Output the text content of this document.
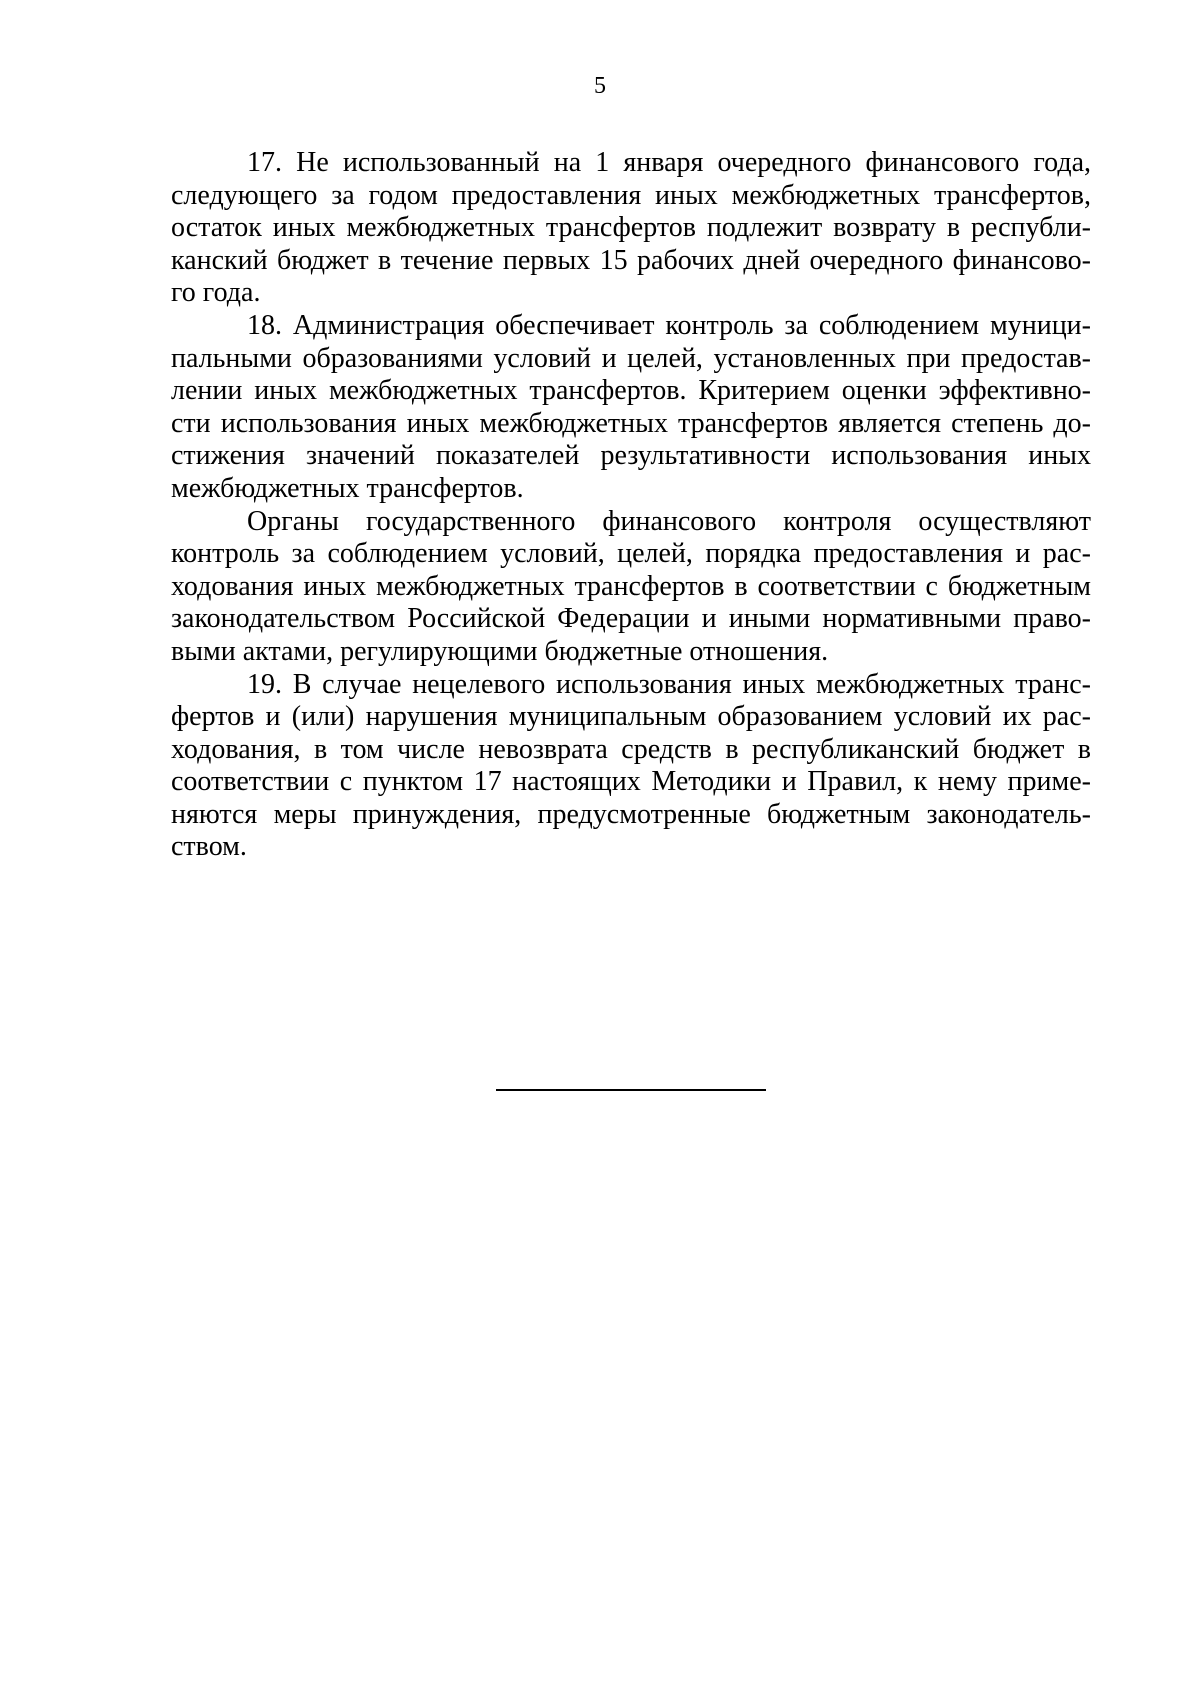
5

17. Не использованный на 1 января очередного финансового года,
следующего за годом предоставления иных межбюджетных трансфертов,
остаток иных межбюджетных трансфертов подлежит возврату в республи-
канский бюджет в течение первых 15 рабочих дней очередного финансово-
го года.

18. Администрация обеспечивает контроль за соблюдением муници-
пальными образованиями условий и целей, установленных при предостав-
лении иных межбюджетных трансфертов. Критерием оценки эффективно-
сти использования иных межбюджетных трансфертов является степень до-
стижения значений показателей результативности использования иных
межбюджетных трансфертов.

Органы государственного финансового контроля осуществляют
контроль за соблюдением условий, целей, порядка предоставления и рас-
ходования иных межбюджетных трансфертов в соответствии с бюджетным
законодательством Российской Федерации и иными нормативными право-
выми актами, регулирующими бюджетные отношения.

19. В случае нецелевого использования иных межбюджетных транс-
фертов и (или) нарушения муниципальным образованием условий их рас-
ходования, в том числе невозврата средств в республиканский бюджет в
соответствии с пунктом 17 настоящих Методики и Правил, к нему приме-
няются меры принуждения, предусмотренные бюджетным законодатель-
ством.
